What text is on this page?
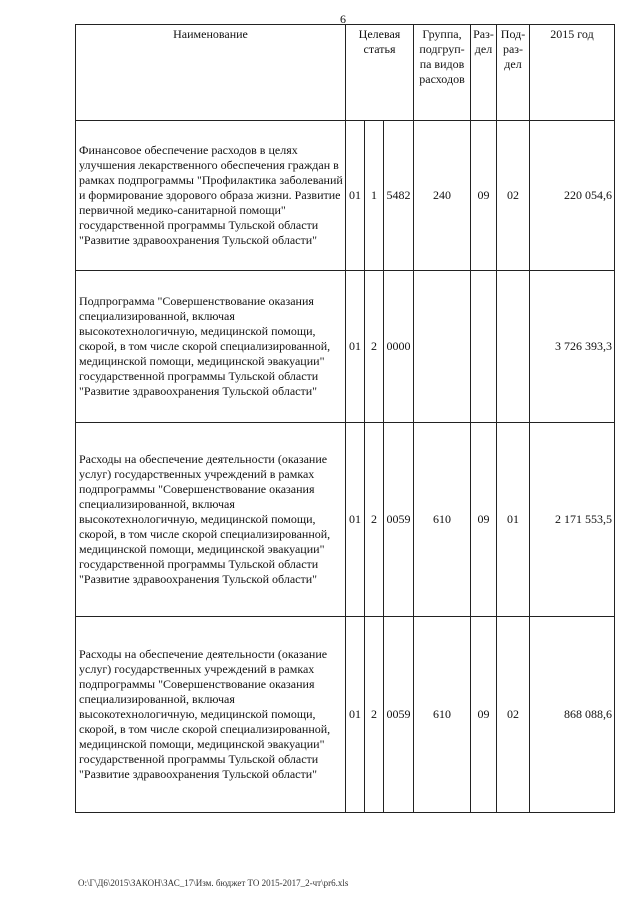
6
Наименование	Целевая статья			Группа, подгруп-па видов расходов	Раз-дел	Под-раз-дел	2015 год
Финансовое обеспечение расходов в целях улучшения лекарственного обеспечения граждан в рамках подпрограммы "Профилактика заболеваний и формирование здорового образа жизни. Развитие первичной медико-санитарной помощи" государственной программы Тульской области "Развитие здравоохранения Тульской области"	01	1	5482	240	09	02	220 054,6
Подпрограмма "Совершенствование оказания специализированной, включая высокотехнологичную, медицинской помощи, скорой, в том числе скорой специализированной, медицинской помощи, медицинской эвакуации" государственной программы Тульской области "Развитие здравоохранения Тульской области"	01	2	0000				3 726 393,3
Расходы на обеспечение деятельности (оказание услуг) государственных учреждений в рамках подпрограммы "Совершенствование оказания специализированной, включая высокотехнологичную, медицинской помощи, скорой, в том числе скорой специализированной, медицинской помощи, медицинской эвакуации" государственной программы Тульской области "Развитие здравоохранения Тульской области"	01	2	0059	610	09	01	2 171 553,5
Расходы на обеспечение деятельности (оказание услуг) государственных учреждений в рамках подпрограммы "Совершенствование оказания специализированной, включая высокотехнологичную, медицинской помощи, скорой, в том числе скорой специализированной, медицинской помощи, медицинской эвакуации" государственной программы Тульской области "Развитие здравоохранения Тульской области"	01	2	0059	610	09	02	868 088,6
O:\Г\Д6\2015\ЗАКОН\ЗАС_17\Изм. бюджет ТО 2015-2017_2-чт\pr6.xls
